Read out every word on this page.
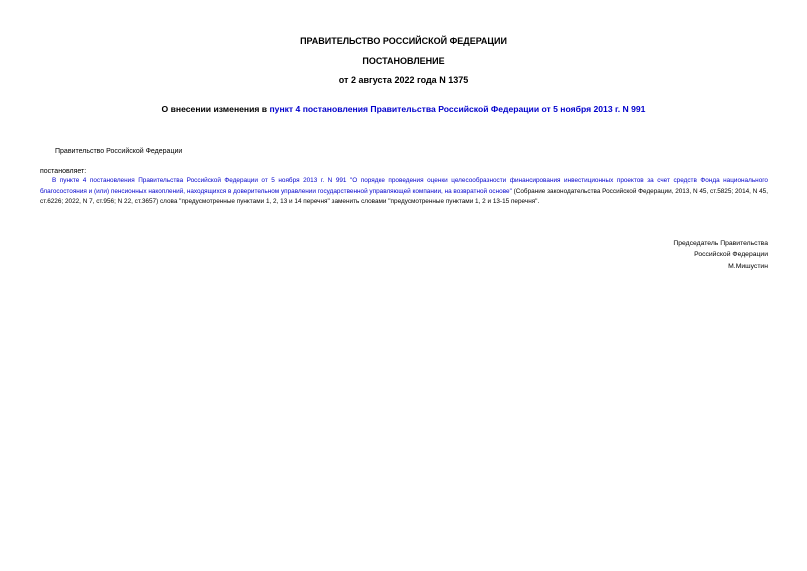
ПРАВИТЕЛЬСТВО РОССИЙСКОЙ ФЕДЕРАЦИИ
ПОСТАНОВЛЕНИЕ
от 2 августа 2022 года N 1375
О внесении изменения в пункт 4 постановления Правительства Российской Федерации от 5 ноября 2013 г. N 991
Правительство Российской Федерации
постановляет:
В пункте 4 постановления Правительства Российской Федерации от 5 ноября 2013 г. N 991 "О порядке проведения оценки целесообразности финансирования инвестиционных проектов за счет средств Фонда национального благосостояния и (или) пенсионных накоплений, находящихся в доверительном управлении государственной управляющей компании, на возвратной основе" (Собрание законодательства Российской Федерации, 2013, N 45, ст.5825; 2014, N 45, ст.6226; 2022, N 7, ст.956; N 22, ст.3657) слова "предусмотренные пунктами 1, 2, 13 и 14 перечня" заменить словами "предусмотренные пунктами 1, 2 и 13-15 перечня".
Председатель Правительства
Российской Федерации
М.Мишустин
